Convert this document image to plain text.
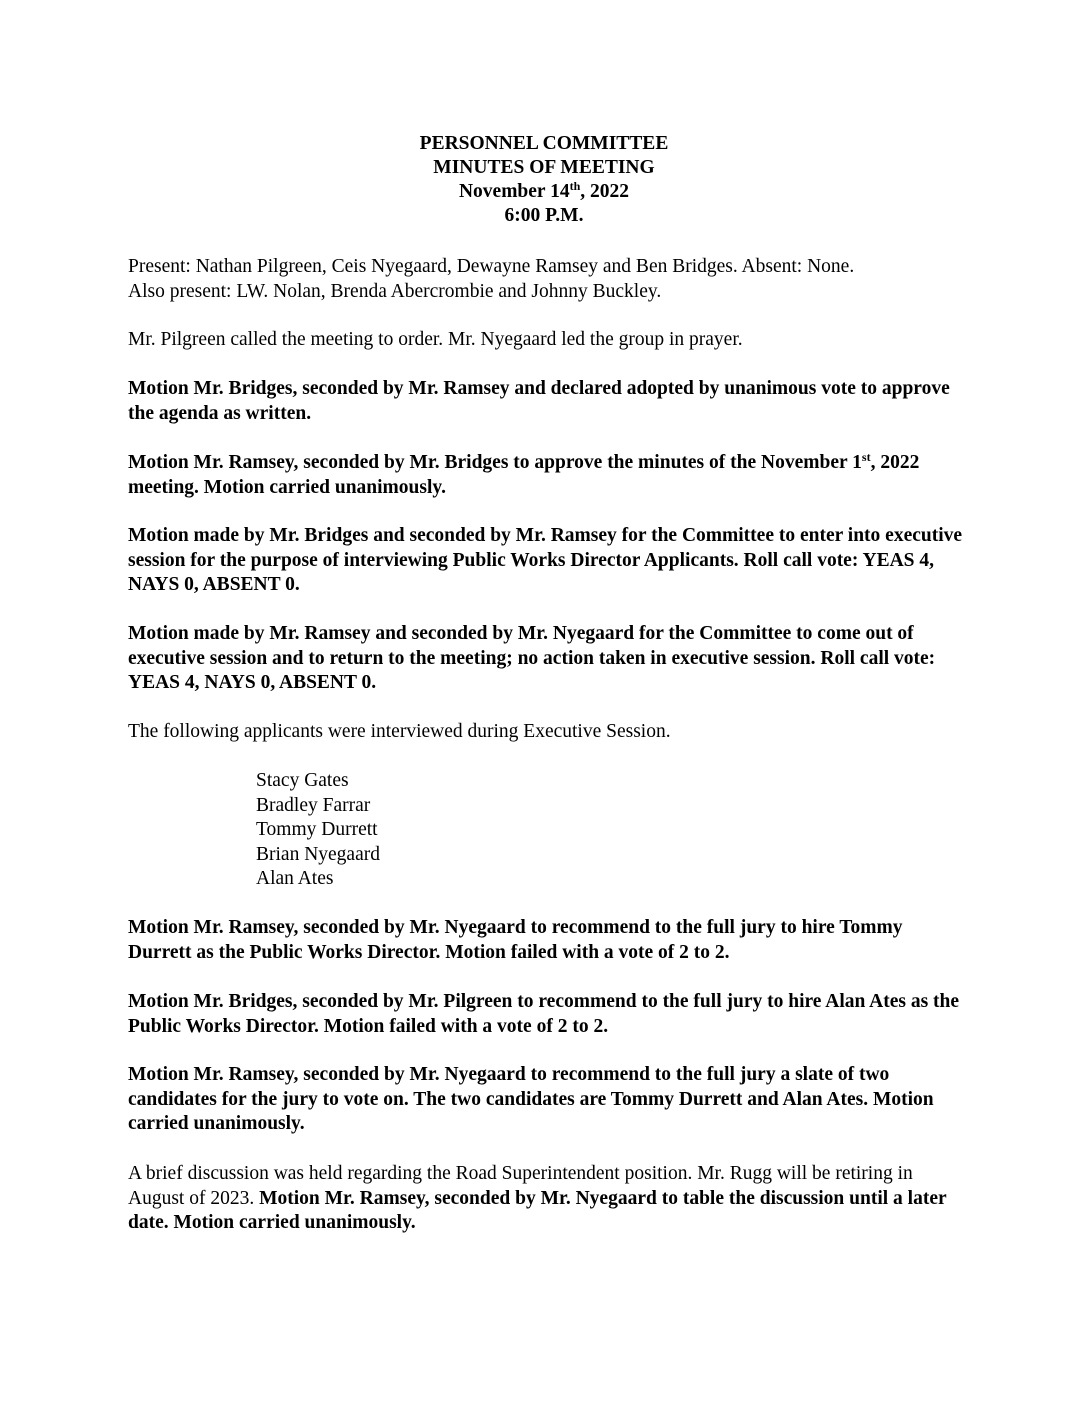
PERSONNEL COMMITTEE
MINUTES OF MEETING
November 14th, 2022
6:00 P.M.

Present: Nathan Pilgreen, Ceis Nyegaard, Dewayne Ramsey and Ben Bridges. Absent: None.
Also present: LW. Nolan, Brenda Abercrombie and Johnny Buckley.

Mr. Pilgreen called the meeting to order. Mr. Nyegaard led the group in prayer.

Motion Mr. Bridges, seconded by Mr. Ramsey and declared adopted by unanimous vote to approve the agenda as written.

Motion Mr. Ramsey, seconded by Mr. Bridges to approve the minutes of the November 1st, 2022 meeting. Motion carried unanimously.

Motion made by Mr. Bridges and seconded by Mr. Ramsey for the Committee to enter into executive session for the purpose of interviewing Public Works Director Applicants. Roll call vote: YEAS 4, NAYS 0, ABSENT 0.

Motion made by Mr. Ramsey and seconded by Mr. Nyegaard for the Committee to come out of executive session and to return to the meeting; no action taken in executive session. Roll call vote: YEAS 4, NAYS 0, ABSENT 0.

The following applicants were interviewed during Executive Session.

Stacy Gates
Bradley Farrar
Tommy Durrett
Brian Nyegaard
Alan Ates

Motion Mr. Ramsey, seconded by Mr. Nyegaard to recommend to the full jury to hire Tommy Durrett as the Public Works Director. Motion failed with a vote of 2 to 2.

Motion Mr. Bridges, seconded by Mr. Pilgreen to recommend to the full jury to hire Alan Ates as the Public Works Director. Motion failed with a vote of 2 to 2.

Motion Mr. Ramsey, seconded by Mr. Nyegaard to recommend to the full jury a slate of two candidates for the jury to vote on. The two candidates are Tommy Durrett and Alan Ates. Motion carried unanimously.

A brief discussion was held regarding the Road Superintendent position. Mr. Rugg will be retiring in August of 2023. Motion Mr. Ramsey, seconded by Mr. Nyegaard to table the discussion until a later date. Motion carried unanimously.
